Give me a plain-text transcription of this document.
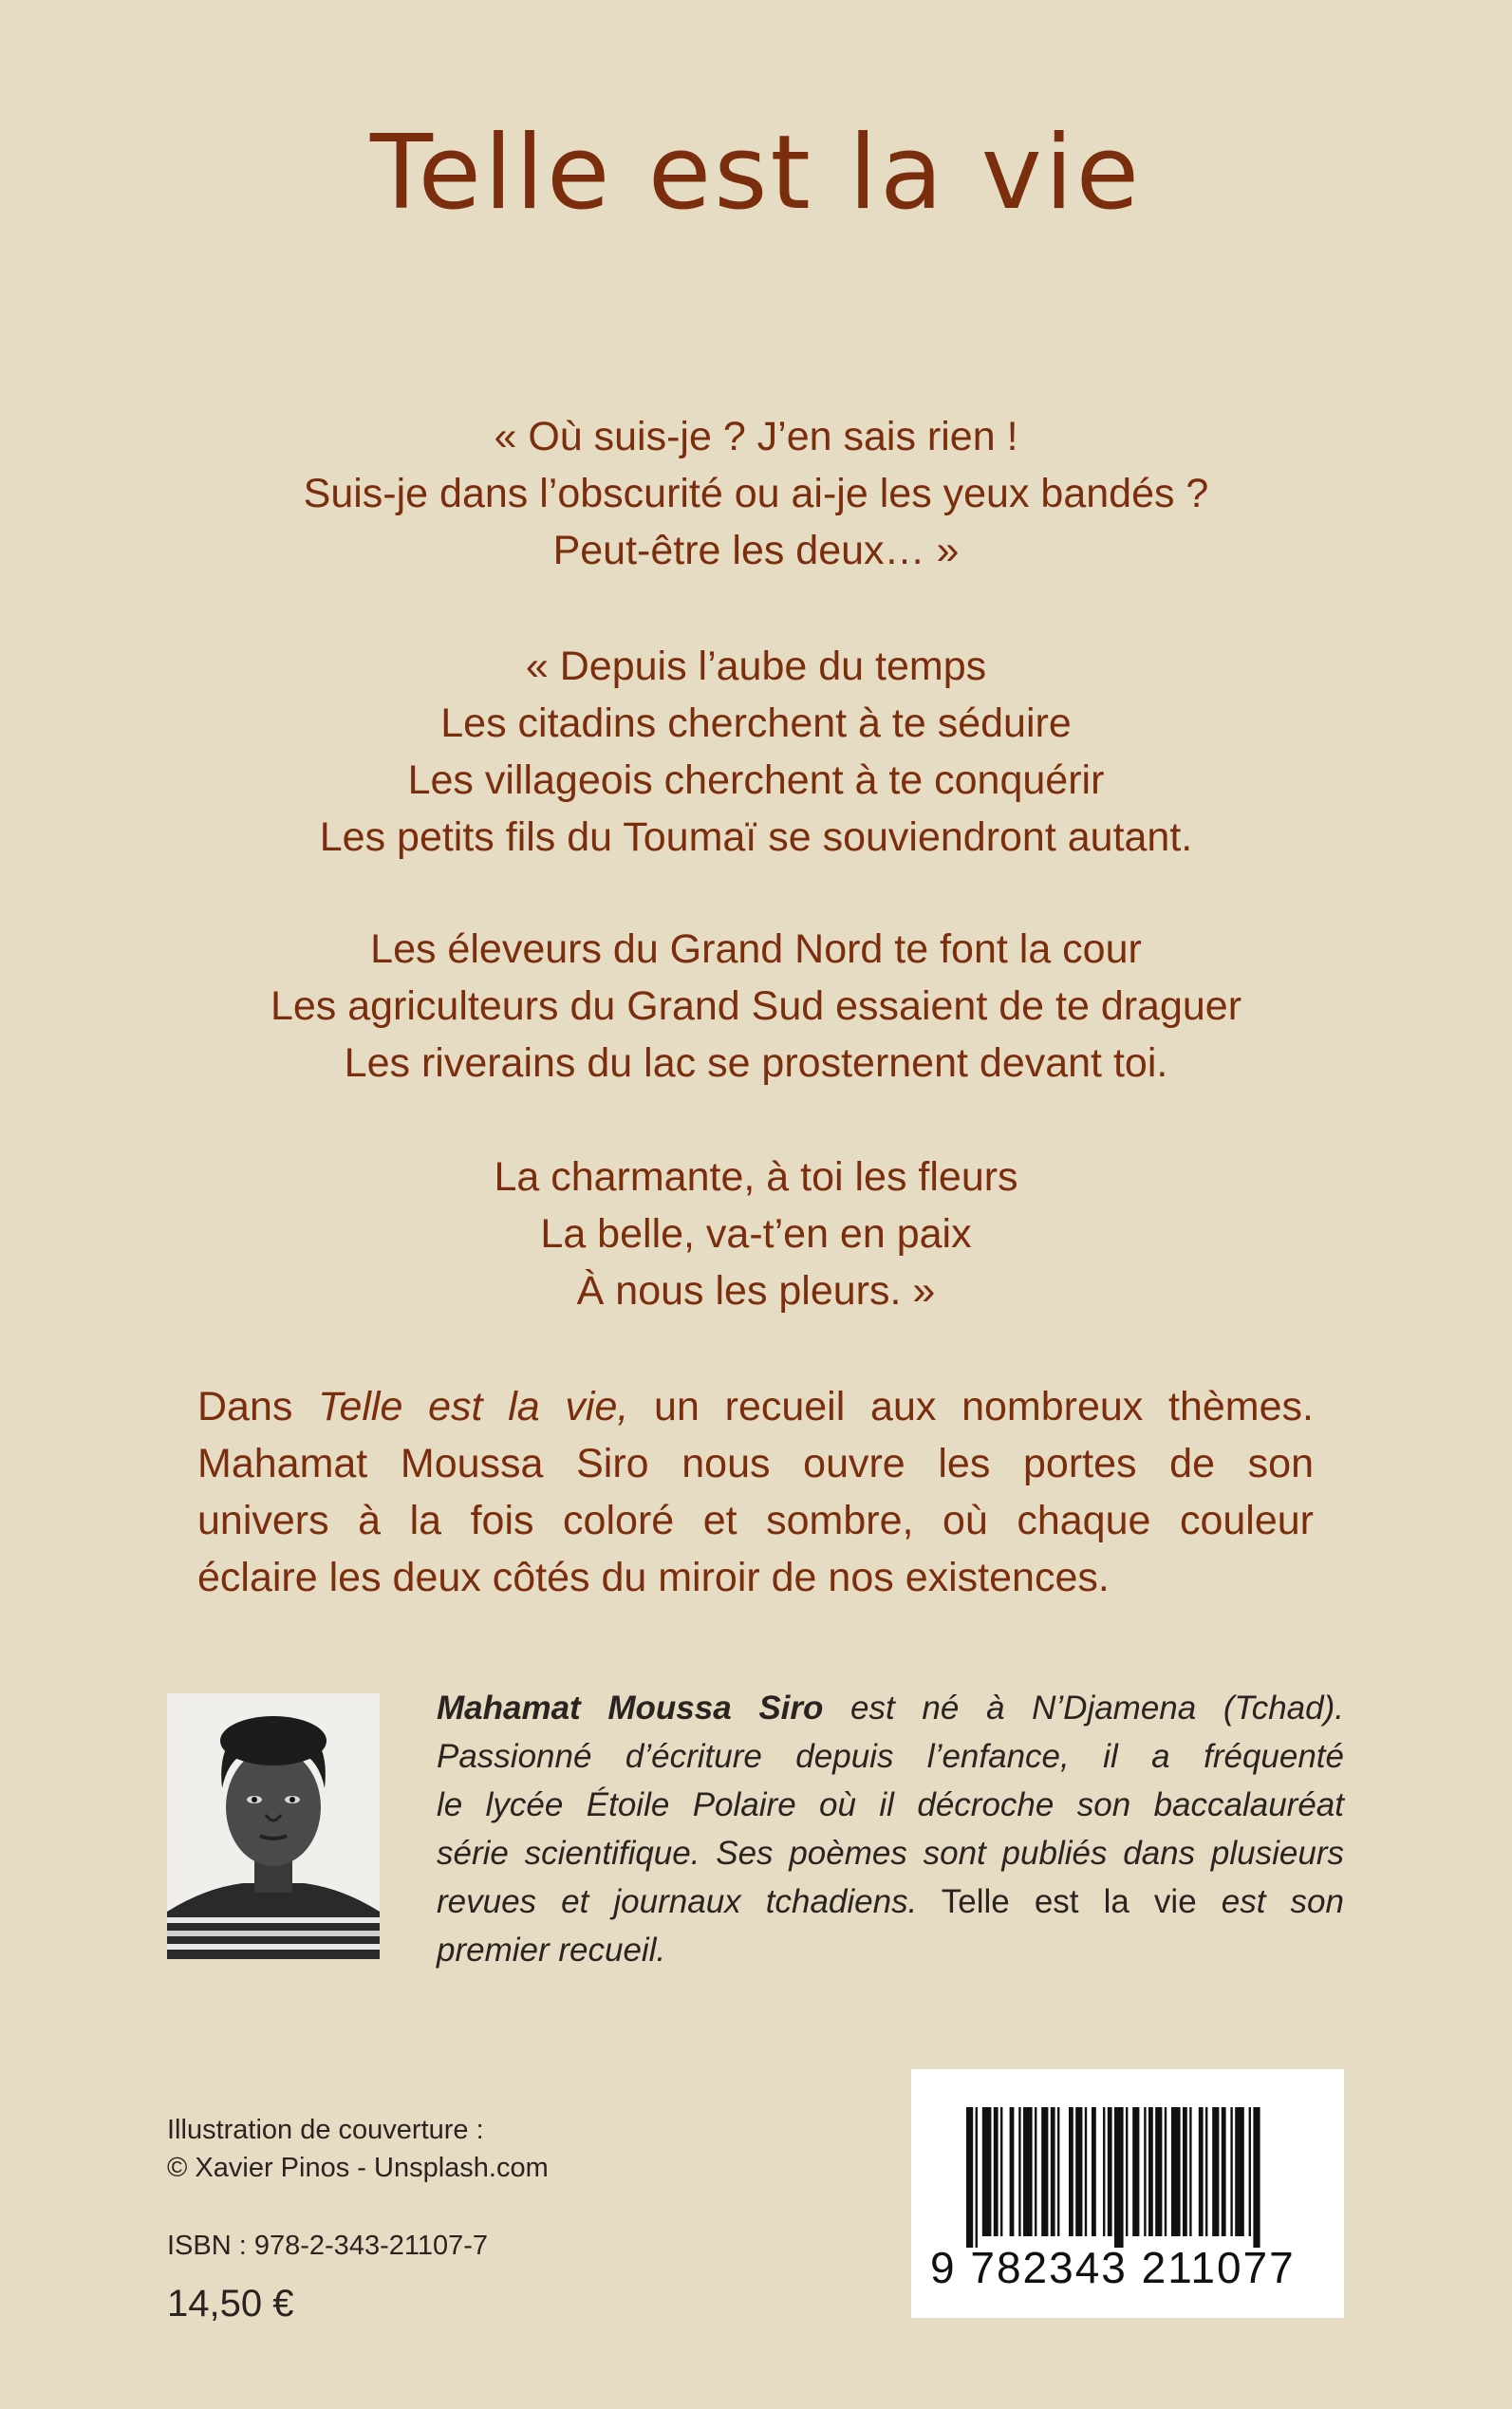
Telle est la vie
« Où suis-je ? J’en sais rien !
Suis-je dans l’obscurité ou ai-je les yeux bandés ?
Peut-être les deux… »
« Depuis l’aube du temps
Les citadins cherchent à te séduire
Les villageois cherchent à te conquérir
Les petits fils du Toumaï se souviendront autant.
Les éleveurs du Grand Nord te font la cour
Les agriculteurs du Grand Sud essaient de te draguer
Les riverains du lac se prosternent devant toi.
La charmante, à toi les fleurs
La belle, va-t’en en paix
À nous les pleurs. »
Dans Telle est la vie, un recueil aux nombreux thèmes.
Mahamat Moussa Siro nous ouvre les portes de son
univers à la fois coloré et sombre, où chaque couleur
éclaire les deux côtés du miroir de nos existences.
Mahamat Moussa Siro est né à N’Djamena (Tchad).
Passionné d’écriture depuis l’enfance, il a fréquenté
le lycée Étoile Polaire où il décroche son baccalauréat
série scientifique. Ses poèmes sont publiés dans plusieurs
revues et journaux tchadiens. Telle est la vie est son
premier recueil.
Illustration de couverture :
© Xavier Pinos - Unsplash.com
ISBN : 978-2-343-21107-7
14,50 €
9 782343 211077
